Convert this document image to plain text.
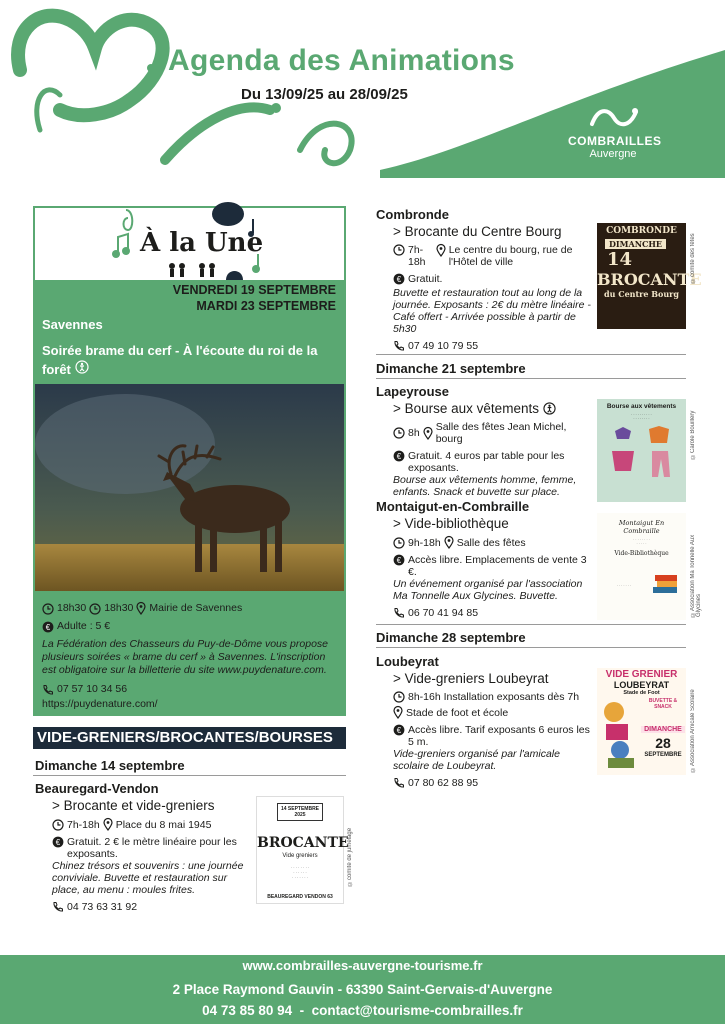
Agenda des Animations
Du 13/09/25 au 28/09/25
COMBRAILLES
Auvergne
À la Une
VENDREDI 19 SEPTEMBRE
MARDI 23 SEPTEMBRE
Savennes
Soirée brame du cerf - À l'écoute du roi de la forêt
18h30 18h30 Mairie de Savennes
€ Adulte : 5 €
La Fédération des Chasseurs du Puy-de-Dôme vous propose plusieurs soirées « brame du cerf » à Savennes. L'inscription est obligatoire sur la billetterie du site www.puydenature.com.
07 57 10 34 56
https://puydenature.com/
VIDE-GRENIERS/BROCANTES/BOURSES
Dimanche 14 septembre
Beauregard-Vendon
> Brocante et vide-greniers
7h-18h Place du 8 mai 1945
€ Gratuit. 2 € le mètre linéaire pour les exposants.
Chinez trésors et souvenirs : une journée conviviale. Buvette et restauration sur place, au menu : moules frites.
04 73 63 31 92
14 SEPTEMBRE 2025
BROCANTE
Vide greniers
· · · · · · · ·
· · · · · ·
· · · · · · ·
BEAUREGARD VENDON 63
©comité de jumelage
Combronde
> Brocante du Centre Bourg
7h-18h
Le centre du bourg, rue de l'Hôtel de ville
€ Gratuit.
Buvette et restauration tout au long de la journée. Exposants : 2€ du mètre linéaire - Café offert - Arrivée possible à partir de 5h30
07 49 10 79 55
COMBRONDE
DIMANCHE
14
BROCANTE
du Centre Bourg
©comité des fêtes
Dimanche 21 septembre
Lapeyrouse
> Bourse aux vêtements
8h Salle des fêtes Jean Michel, bourg
€ Gratuit. 4 euros par table pour les exposants.
Bourse aux vêtements homme, femme, enfants. Snack et buvette sur place.
Bourse aux vêtements
· · · · · · · · · ·
· · · · · · · ·	©Carole Bouillery
Montaigut-en-Combraille
> Vide-bibliothèque
9h-18h Salle des fêtes
€ Accès libre. Emplacements de vente 3 €.
Un événement organisé par l'association Ma Tonnelle Aux Glycines. Buvette.
06 70 41 94 85
Montaigut En Combraille
· · · · · · · ·
· · · · ·
Vide-Bibliothèque
· · · · · · ·	©Association Ma Tonnelle Aux Glycines
Dimanche 28 septembre
Loubeyrat
> Vide-greniers Loubeyrat
8h-16h Installation exposants dès 7h
Stade de foot et école
€ Accès libre. Tarif exposants 6 euros les 5 m.
Vide-greniers organisé par l'amicale scolaire de Loubeyrat.
07 80 62 88 95
VIDE GRENIER
LOUBEYRAT
Stade de Foot
BUVETTE & SNACK
DIMANCHE
28
SEPTEMBRE	©Association Amicale Scolaire
www.combrailles-auvergne-tourisme.fr
2 Place Raymond Gauvin - 63390 Saint-Gervais-d'Auvergne
04 73 85 80 94  -  contact@tourisme-combrailles.fr
